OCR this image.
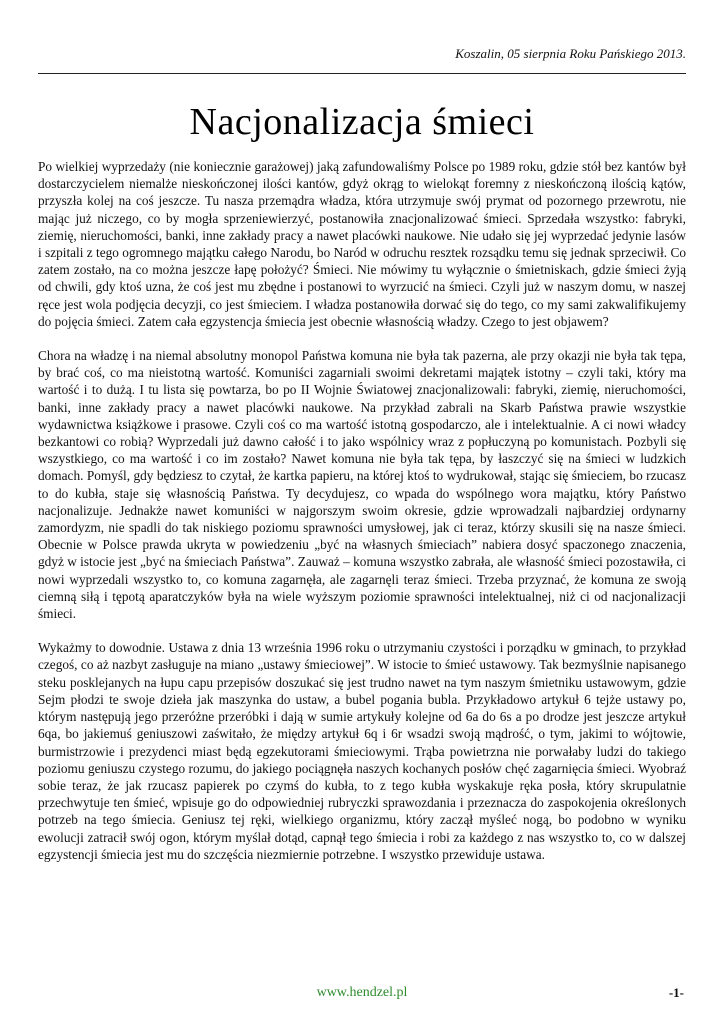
Koszalin, 05 sierpnia Roku Pańskiego 2013.
Nacjonalizacja śmieci

Po wielkiej wyprzedaży (nie koniecznie garażowej) jaką zafundowaliśmy Polsce po 1989 roku, gdzie stół bez kantów był dostarczycielem niemalże nieskończonej ilości kantów, gdyż okrąg to wielokąt foremny z nieskończoną ilością kątów, przyszła kolej na coś jeszcze. Tu nasza przemądra władza, która utrzymuje swój prymat od pozornego przewrotu, nie mając już niczego, co by mogła sprzeniewierzyć, postanowiła znacjonalizować śmieci. Sprzedała wszystko: fabryki, ziemię, nieruchomości, banki, inne zakłady pracy a nawet placówki naukowe. Nie udało się jej wyprzedać jedynie lasów i szpitali z tego ogromnego majątku całego Narodu, bo Naród w odruchu resztek rozsądku temu się jednak sprzeciwił. Co zatem zostało, na co można jeszcze łapę położyć? Śmieci. Nie mówimy tu wyłącznie o śmietniskach, gdzie śmieci żyją od chwili, gdy ktoś uzna, że coś jest mu zbędne i postanowi to wyrzucić na śmieci. Czyli już w naszym domu, w naszej ręce jest wola podjęcia decyzji, co jest śmieciem. I władza postanowiła dorwać się do tego, co my sami zakwalifikujemy do pojęcia śmieci. Zatem cała egzystencja śmiecia jest obecnie własnością władzy. Czego to jest objawem?

Chora na władzę i na niemal absolutny monopol Państwa komuna nie była tak pazerna, ale przy okazji nie była tak tępa, by brać coś, co ma nieistotną wartość. Komuniści zagarniali swoimi dekretami majątek istotny – czyli taki, który ma wartość i to dużą. I tu lista się powtarza, bo po II Wojnie Światowej znacjonalizowali: fabryki, ziemię, nieruchomości, banki, inne zakłady pracy a nawet placówki naukowe. Na przykład zabrali na Skarb Państwa prawie wszystkie wydawnictwa książkowe i prasowe. Czyli coś co ma wartość istotną gospodarczo, ale i intelektualnie. A ci nowi władcy bezkantowi co robią? Wyprzedali już dawno całość i to jako wspólnicy wraz z popłuczyną po komunistach. Pozbyli się wszystkiego, co ma wartość i co im zostało? Nawet komuna nie była tak tępa, by łaszczyć się na śmieci w ludzkich domach. Pomyśl, gdy będziesz to czytał, że kartka papieru, na której ktoś to wydrukował, stając się śmieciem, bo rzucasz to do kubła, staje się własnością Państwa. Ty decydujesz, co wpada do wspólnego wora majątku, który Państwo nacjonalizuje. Jednakże nawet komuniści w najgorszym swoim okresie, gdzie wprowadzali najbardziej ordynarny zamordyzm, nie spadli do tak niskiego poziomu sprawności umysłowej, jak ci teraz, którzy skusili się na nasze śmieci. Obecnie w Polsce prawda ukryta w powiedzeniu „być na własnych śmieciach” nabiera dosyć spaczonego znaczenia, gdyż w istocie jest „być na śmieciach Państwa”. Zauważ – komuna wszystko zabrała, ale własność śmieci pozostawiła, ci nowi wyprzedali wszystko to, co komuna zagarnęła, ale zagarnęli teraz śmieci. Trzeba przyznać, że komuna ze swoją ciemną siłą i tępotą aparatczyków była na wiele wyższym poziomie sprawności intelektualnej, niż ci od nacjonalizacji śmieci.

Wykażmy to dowodnie. Ustawa z dnia 13 września 1996 roku o utrzymaniu czystości i porządku w gminach, to przykład czegoś, co aż nazbyt zasługuje na miano „ustawy śmieciowej”. W istocie to śmieć ustawowy. Tak bezmyślnie napisanego steku posklejanych na łupu capu przepisów doszukać się jest trudno nawet na tym naszym śmietniku ustawowym, gdzie Sejm płodzi te swoje dzieła jak maszynka do ustaw, a bubel pogania bubla. Przykładowo artykuł 6 tejże ustawy po, którym następują jego przeróżne przeróbki i dają w sumie artykuły kolejne od 6a do 6s a po drodze jest jeszcze artykuł 6qa, bo jakiemuś geniuszowi zaświtało, że między artykuł 6q i 6r wsadzi swoją mądrość, o tym, jakimi to wójtowie, burmistrzowie i prezydenci miast będą egzekutorami śmieciowymi. Trąba powietrzna nie porwałaby ludzi do takiego poziomu geniuszu czystego rozumu, do jakiego pociągnęła naszych kochanych posłów chęć zagarnięcia śmieci. Wyobraź sobie teraz, że jak rzucasz papierek po czymś do kubła, to z tego kubła wyskakuje ręka posła, który skrupulatnie przechwytuje ten śmieć, wpisuje go do odpowiedniej rubryczki sprawozdania i przeznacza do zaspokojenia określonych potrzeb na tego śmiecia. Geniusz tej ręki, wielkiego organizmu, który zaczął myśleć nogą, bo podobno w wyniku ewolucji zatracił swój ogon, którym myślał dotąd, capnął tego śmiecia i robi za każdego z nas wszystko to, co w dalszej egzystencji śmiecia jest mu do szczęścia niezmiernie potrzebne. I wszystko przewiduje ustawa.

www.hendzel.pl	-1-
